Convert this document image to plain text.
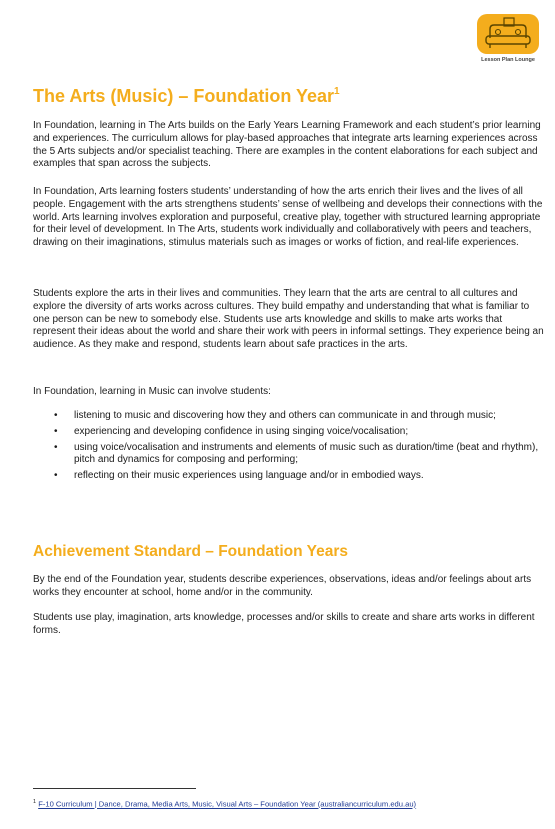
Lesson Plan Lounge
The Arts (Music) – Foundation Year$^1$

In Foundation, learning in The Arts builds on the Early Years Learning Framework and each student’s prior learning and experiences. The curriculum allows for play-based approaches that integrate arts learning experiences across the 5 Arts subjects and/or specialist teaching. There are examples in the content elaborations for each subject and examples that span across the subjects.

In Foundation, Arts learning fosters students’ understanding of how the arts enrich their lives and the lives of all people. Engagement with the arts strengthens students’ sense of wellbeing and develops their connections with the world. Arts learning involves exploration and purposeful, creative play, together with structured learning appropriate for their level of development. In The Arts, students work individually and collaboratively with peers and teachers, drawing on their imaginations, stimulus materials such as images or works of fiction, and real-life experiences.

Students explore the arts in their lives and communities. They learn that the arts are central to all cultures and explore the diversity of arts works across cultures. They build empathy and understanding that what is familiar to one person can be new to somebody else. Students use arts knowledge and skills to make arts works that represent their ideas about the world and share their work with peers in informal settings. They experience being an audience. As they make and respond, students learn about safe practices in the arts.

In Foundation, learning in Music can involve students:

• listening to music and discovering how they and others can communicate in and through music;
• experiencing and developing confidence in using singing voice/vocalisation;
• using voice/vocalisation and instruments and elements of music such as duration/time (beat and rhythm), pitch and dynamics for composing and performing;
• reflecting on their music experiences using language and/or in embodied ways.
Achievement Standard – Foundation Years

By the end of the Foundation year, students describe experiences, observations, ideas and/or feelings about arts works they encounter at school, home and/or in the community.

Students use play, imagination, arts knowledge, processes and/or skills to create and share arts works in different forms.

$^1$ F-10 Curriculum | Dance, Drama, Media Arts, Music, Visual Arts – Foundation Year (australiancurriculum.edu.au)
